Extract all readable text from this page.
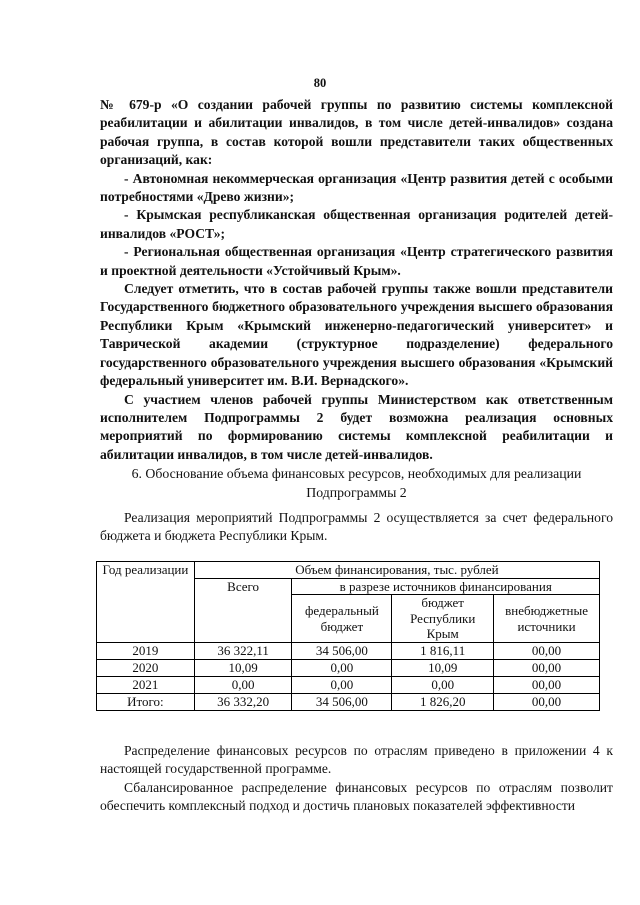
80

№ 679-р «О создании рабочей группы по развитию системы комплексной реабилитации и абилитации инвалидов, в том числе детей-инвалидов» создана рабочая группа, в состав которой вошли представители таких общественных организаций, как:

- Автономная некоммерческая организация «Центр развития детей с особыми потребностями «Древо жизни»;

- Крымская республиканская общественная организация родителей детей-инвалидов «РОСТ»;

- Региональная общественная организация «Центр стратегического развития и проектной деятельности «Устойчивый Крым».

Следует отметить, что в состав рабочей группы также вошли представители Государственного бюджетного образовательного учреждения высшего образования Республики Крым «Крымский инженерно-педагогический университет» и Таврической академии (структурное подразделение) федерального государственного образовательного учреждения высшего образования «Крымский федеральный университет им. В.И. Вернадского».

С участием членов рабочей группы Министерством как ответственным исполнителем Подпрограммы 2 будет возможна реализация основных мероприятий по формированию системы комплексной реабилитации и абилитации инвалидов, в том числе детей-инвалидов.

6. Обоснование объема финансовых ресурсов, необходимых для реализации
Подпрограммы 2

Реализация мероприятий Подпрограммы 2 осуществляется за счет федерального бюджета и бюджета Республики Крым.

Год реализации	Объем финансирования, тыс. рублей			
	Всего	в разрезе источников финансирования		
		федеральный бюджет	бюджет Республики Крым	внебюджетные источники
2019	36 322,11	34 506,00	1 816,11	00,00
2020	10,09	0,00	10,09	00,00
2021	0,00	0,00	0,00	00,00
Итого:	36 332,20	34 506,00	1 826,20	00,00

Распределение финансовых ресурсов по отраслям приведено в приложении 4 к настоящей государственной программе.

Сбалансированное распределение финансовых ресурсов по отраслям позволит обеспечить комплексный подход и достичь плановых показателей эффективности
